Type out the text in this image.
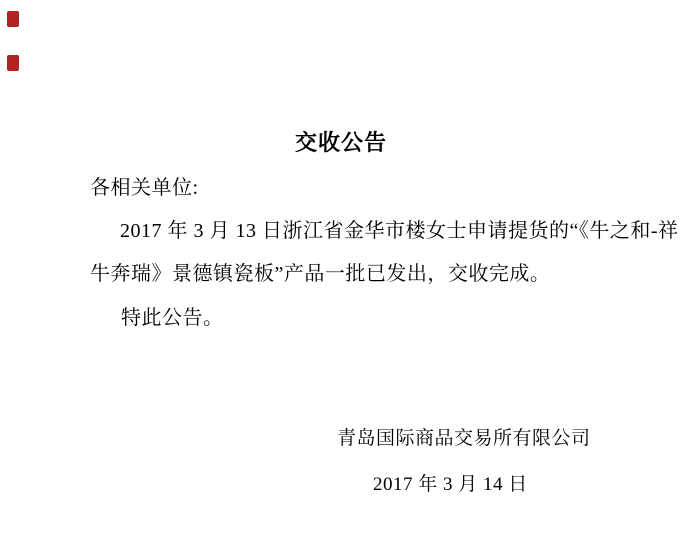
交收公告
各相关单位:
2017 年 3 月 13 日浙江省金华市楼女士申请提货的“《牛之和-祥
牛奔瑞》景德镇瓷板”产品一批已发出，交收完成。
特此公告。
青岛国际商品交易所有限公司
2017 年 3 月 14 日
